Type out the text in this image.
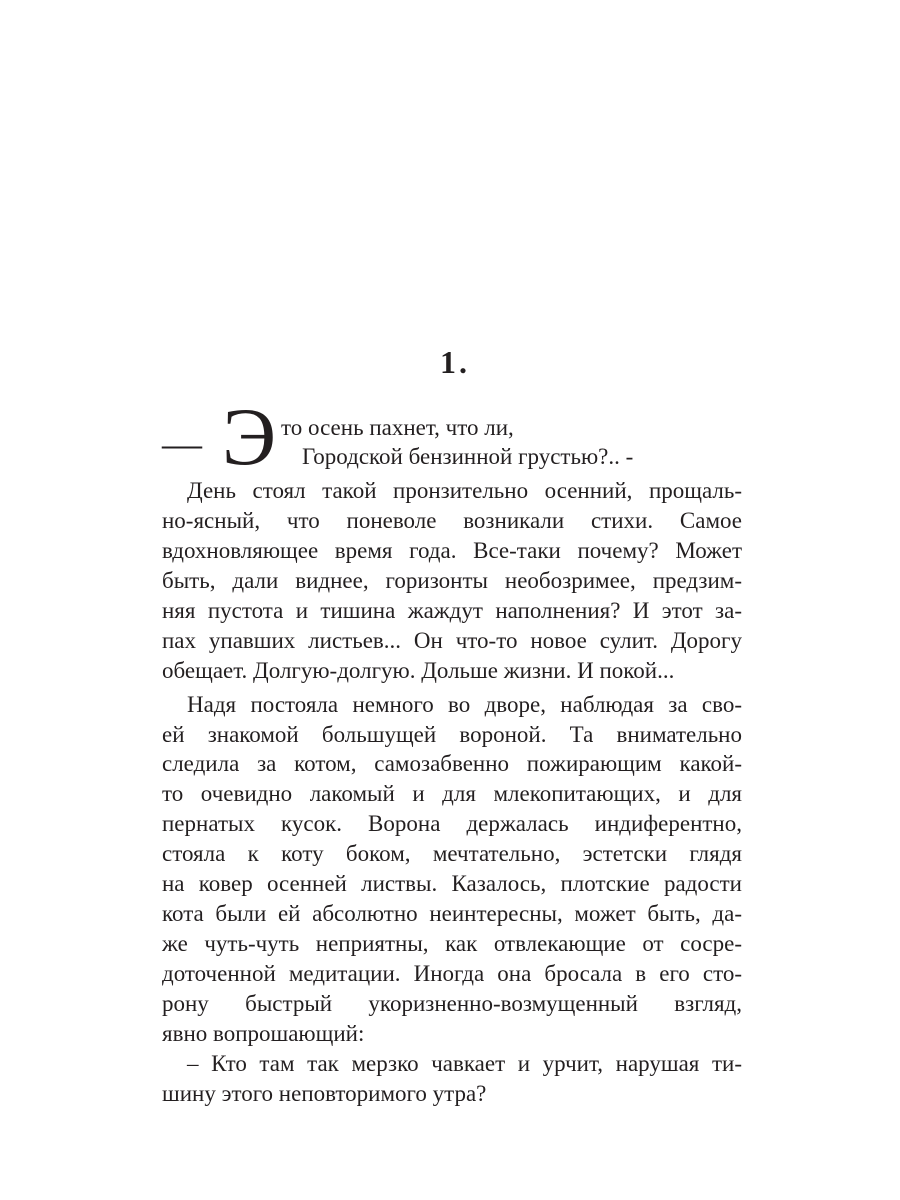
1.
— Э то осень пахнет, что ли,
Городской бензинной грустью?.. -
День стоял такой пронзительно осенний, прощаль-
но-ясный, что поневоле возникали стихи. Самое
вдохновляющее время года. Все-таки почему? Может
быть, дали виднее, горизонты необозримее, предзим-
няя пустота и тишина жаждут наполнения? И этот за-
пах упавших листьев... Он что-то новое сулит. Дорогу
обещает. Долгую-долгую. Дольше жизни. И покой...
Надя постояла немного во дворе, наблюдая за сво-
ей знакомой большущей вороной. Та внимательно
следила за котом, самозабвенно пожирающим какой-
то очевидно лакомый и для млекопитающих, и для
пернатых кусок. Ворона держалась индиферентно,
стояла к коту боком, мечтательно, эстетски глядя
на ковер осенней листвы. Казалось, плотские радости
кота были ей абсолютно неинтересны, может быть, да-
же чуть-чуть неприятны, как отвлекающие от сосре-
доточенной медитации. Иногда она бросала в его сто-
рону быстрый укоризненно-возмущенный взгляд,
явно вопрошающий:
– Кто там так мерзко чавкает и урчит, нарушая ти-
шину этого неповторимого утра?
